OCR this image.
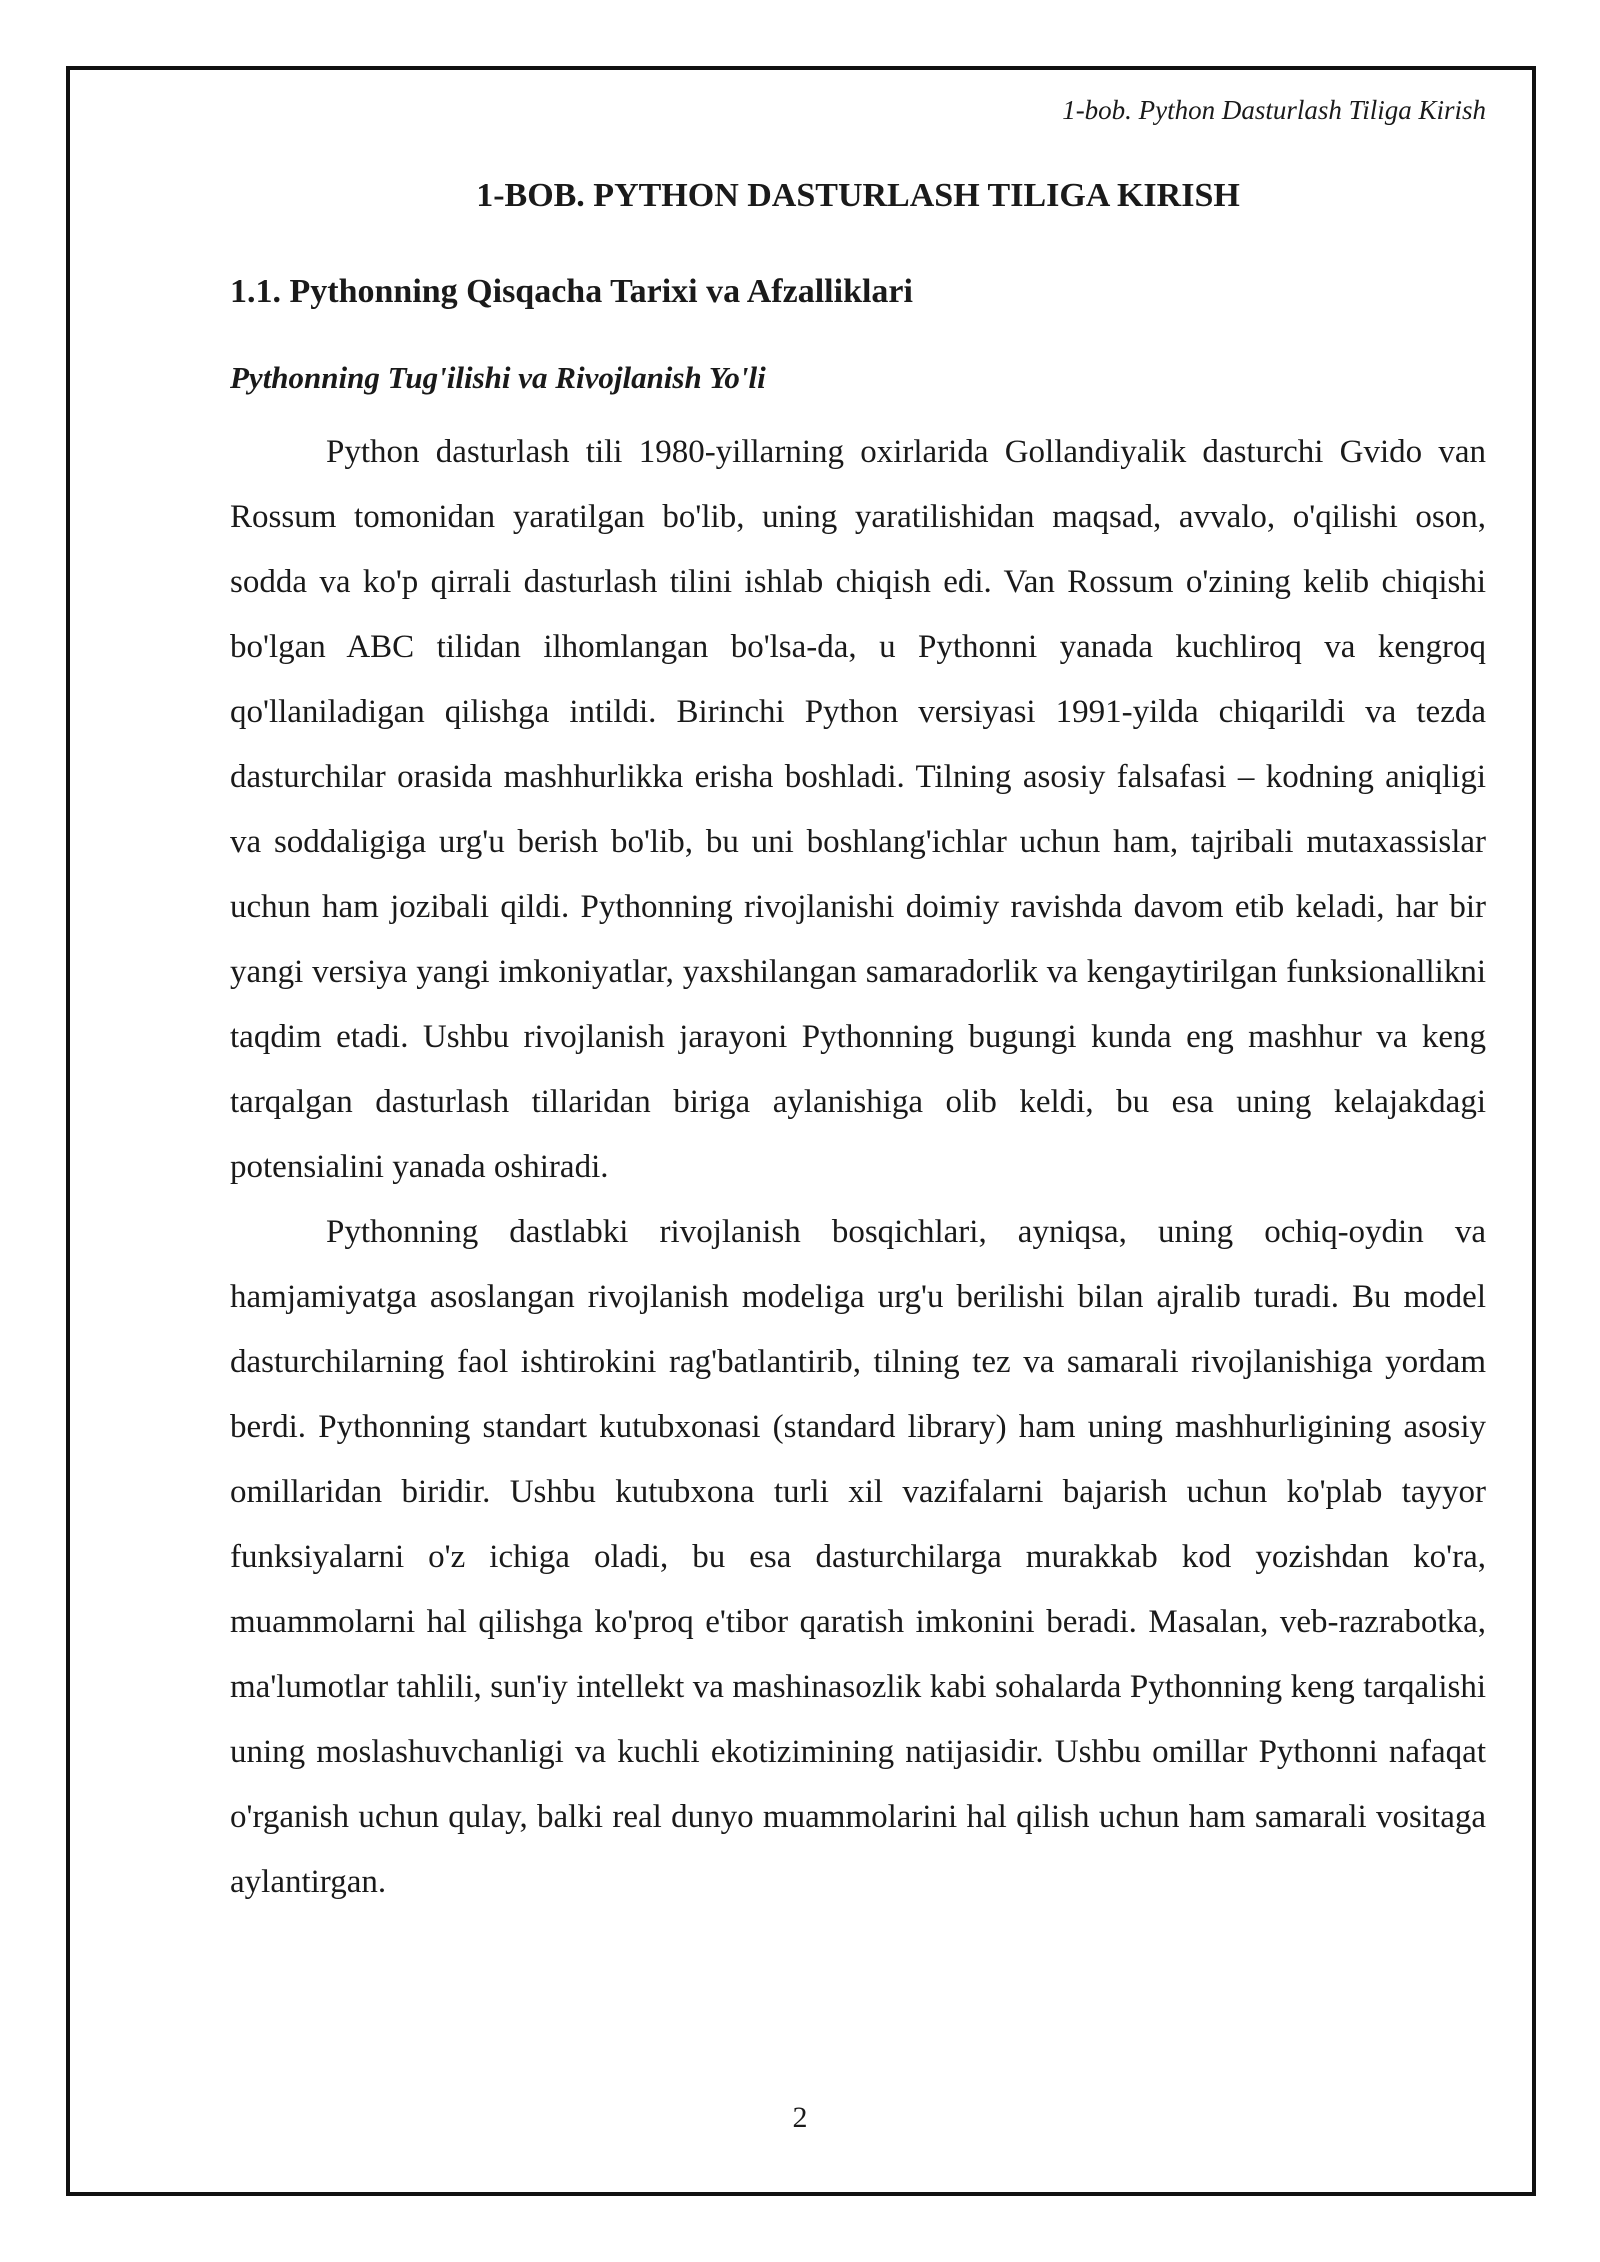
1-bob. Python Dasturlash Tiliga Kirish

1-BOB. PYTHON DASTURLASH TILIGA KIRISH
1.1. Pythonning Qisqacha Tarixi va Afzalliklari
Pythonning Tug'ilishi va Rivojlanish Yo'li

Python dasturlash tili 1980-yillarning oxirlarida Gollandiyalik dasturchi Gvido van Rossum tomonidan yaratilgan bo'lib, uning yaratilishidan maqsad, avvalo, o'qilishi oson, sodda va ko'p qirrali dasturlash tilini ishlab chiqish edi. Van Rossum o'zining kelib chiqishi bo'lgan ABC tilidan ilhomlangan bo'lsa-da, u Pythonni yanada kuchliroq va kengroq qo'llaniladigan qilishga intildi. Birinchi Python versiyasi 1991-yilda chiqarildi va tezda dasturchilar orasida mashhurlikka erisha boshladi. Tilning asosiy falsafasi – kodning aniqligi va soddaligiga urg'u berish bo'lib, bu uni boshlang'ichlar uchun ham, tajribali mutaxassislar uchun ham jozibali qildi. Pythonning rivojlanishi doimiy ravishda davom etib keladi, har bir yangi versiya yangi imkoniyatlar, yaxshilangan samaradorlik va kengaytirilgan funksionallikni taqdim etadi. Ushbu rivojlanish jarayoni Pythonning bugungi kunda eng mashhur va keng tarqalgan dasturlash tillaridan biriga aylanishiga olib keldi, bu esa uning kelajakdagi potensialini yanada oshiradi.

Pythonning dastlabki rivojlanish bosqichlari, ayniqsa, uning ochiq-oydin va hamjamiyatga asoslangan rivojlanish modeliga urg'u berilishi bilan ajralib turadi. Bu model dasturchilarning faol ishtirokini rag'batlantirib, tilning tez va samarali rivojlanishiga yordam berdi. Pythonning standart kutubxonasi (standard library) ham uning mashhurligining asosiy omillaridan biridir. Ushbu kutubxona turli xil vazifalarni bajarish uchun ko'plab tayyor funksiyalarni o'z ichiga oladi, bu esa dasturchilarga murakkab kod yozishdan ko'ra, muammolarni hal qilishga ko'proq e'tibor qaratish imkonini beradi. Masalan, veb-razrabotka, ma'lumotlar tahlili, sun'iy intellekt va mashinasozlik kabi sohalarda Pythonning keng tarqalishi uning moslashuvchanligi va kuchli ekotizimining natijasidir. Ushbu omillar Pythonni nafaqat o'rganish uchun qulay, balki real dunyo muammolarini hal qilish uchun ham samarali vositaga aylantirgan.

2
